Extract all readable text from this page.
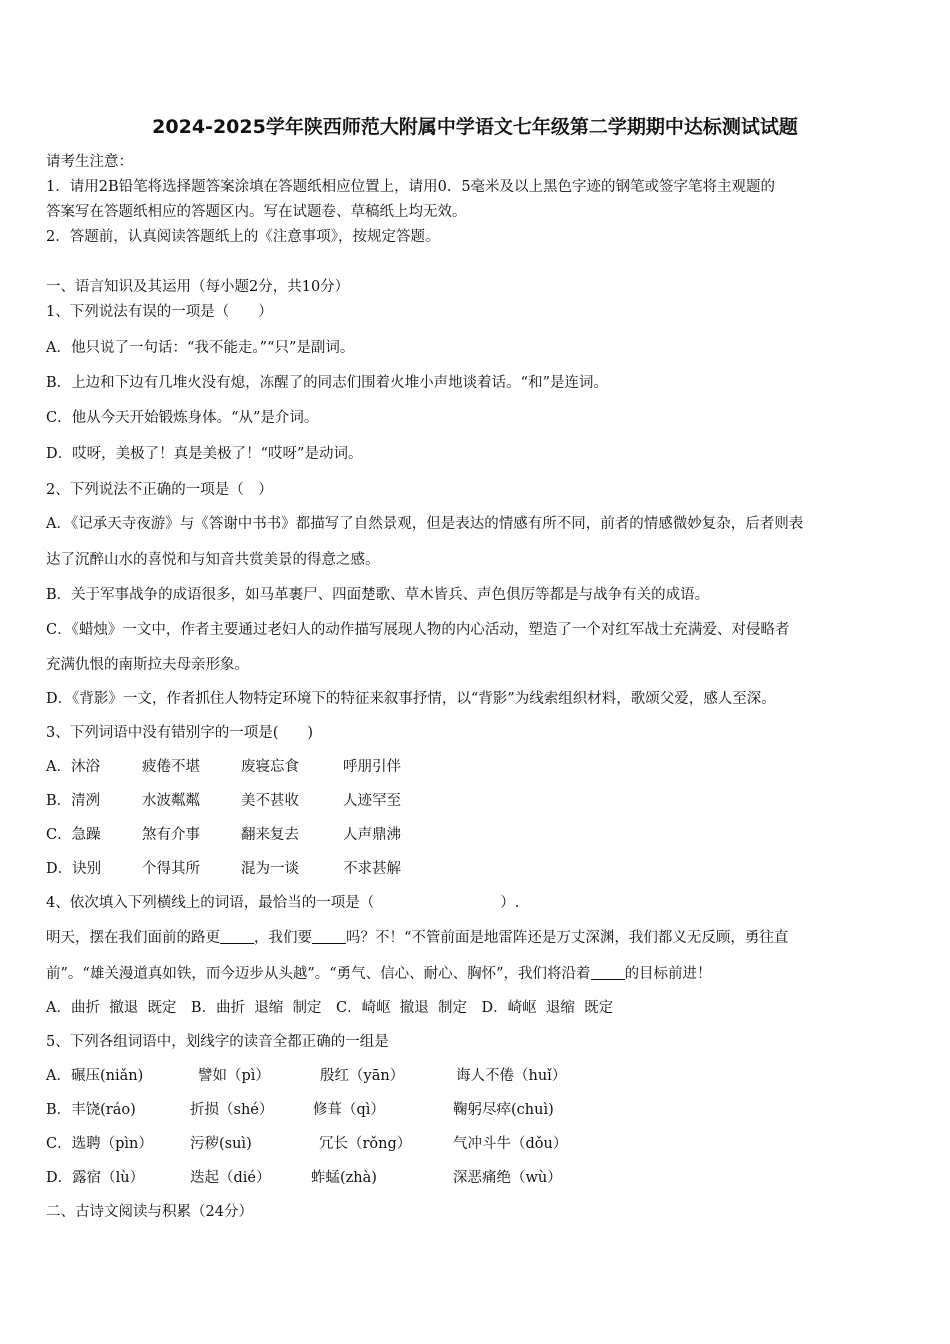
2024-2025学年陕西师范大附属中学语文七年级第二学期期中达标测试试题
请考生注意：
1．请用2B铅笔将选择题答案涂填在答题纸相应位置上，请用0．5毫米及以上黑色字迹的钢笔或签字笔将主观题的
答案写在答题纸相应的答题区内。写在试题卷、草稿纸上均无效。
2．答题前，认真阅读答题纸上的《注意事项》，按规定答题。
一、语言知识及其运用（每小题2分，共10分）
1、下列说法有误的一项是（　　）
A．他只说了一句话：“我不能走。”“只”是副词。
B．上边和下边有几堆火没有熄，冻醒了的同志们围着火堆小声地谈着话。“和”是连词。
C．他从今天开始锻炼身体。“从”是介词。
D．哎呀，美极了！真是美极了！“哎呀”是动词。
2、下列说法不正确的一项是（　）
A．《记承天寺夜游》与《答谢中书书》都描写了自然景观，但是表达的情感有所不同，前者的情感微妙复杂，后者则表
达了沉醉山水的喜悦和与知音共赏美景的得意之感。
B．关于军事战争的成语很多，如马革裹尸、四面楚歌、草木皆兵、声色俱厉等都是与战争有关的成语。
C．《蜡烛》一文中，作者主要通过老妇人的动作描写展现人物的内心活动，塑造了一个对红军战士充满爱、对侵略者
充满仇恨的南斯拉夫母亲形象。
D．《背影》一文，作者抓住人物特定环境下的特征来叙事抒情，以“背影”为线索组织材料，歌颂父爱，感人至深。
3、下列词语中没有错别字的一项是(　　)
A．沐浴	疲倦不堪	废寝忘食	呼朋引伴
B．清冽	水波粼粼	美不甚收	人迹罕至
C．急躁	煞有介事	翻来复去	人声鼎沸
D．诀别	个得其所	混为一谈	不求甚解
4、依次填入下列横线上的词语，最恰当的一项是（	）.
明天，摆在我们面前的路更 ，我们要 吗？不！“不管前面是地雷阵还是万丈深渊，我们都义无反顾，勇往直
前”。“雄关漫道真如铁，而今迈步从头越”。“勇气、信心、耐心、胸怀”，我们将沿着 的目标前进！
A．曲折  撤退  既定　B．曲折  退缩  制定　C．崎岖  撤退  制定　D．崎岖  退缩  既定
5、下列各组词语中，划线字的读音全都正确的一组是
A．碾压(niǎn)	譬如（pì）	殷红（yān）	诲人不倦（huǐ）
B．丰饶(ráo)	折损（shé）	修葺（qì）	鞠躬尽瘁(chuì)
C．选聘（pìn）	污秽(suì)	冗长（rǒng）	气冲斗牛（dǒu）
D．露宿（lù）	迭起（dié）	蚱蜢(zhà)	深恶痛绝（wù）
二、古诗文阅读与积累（24分）
